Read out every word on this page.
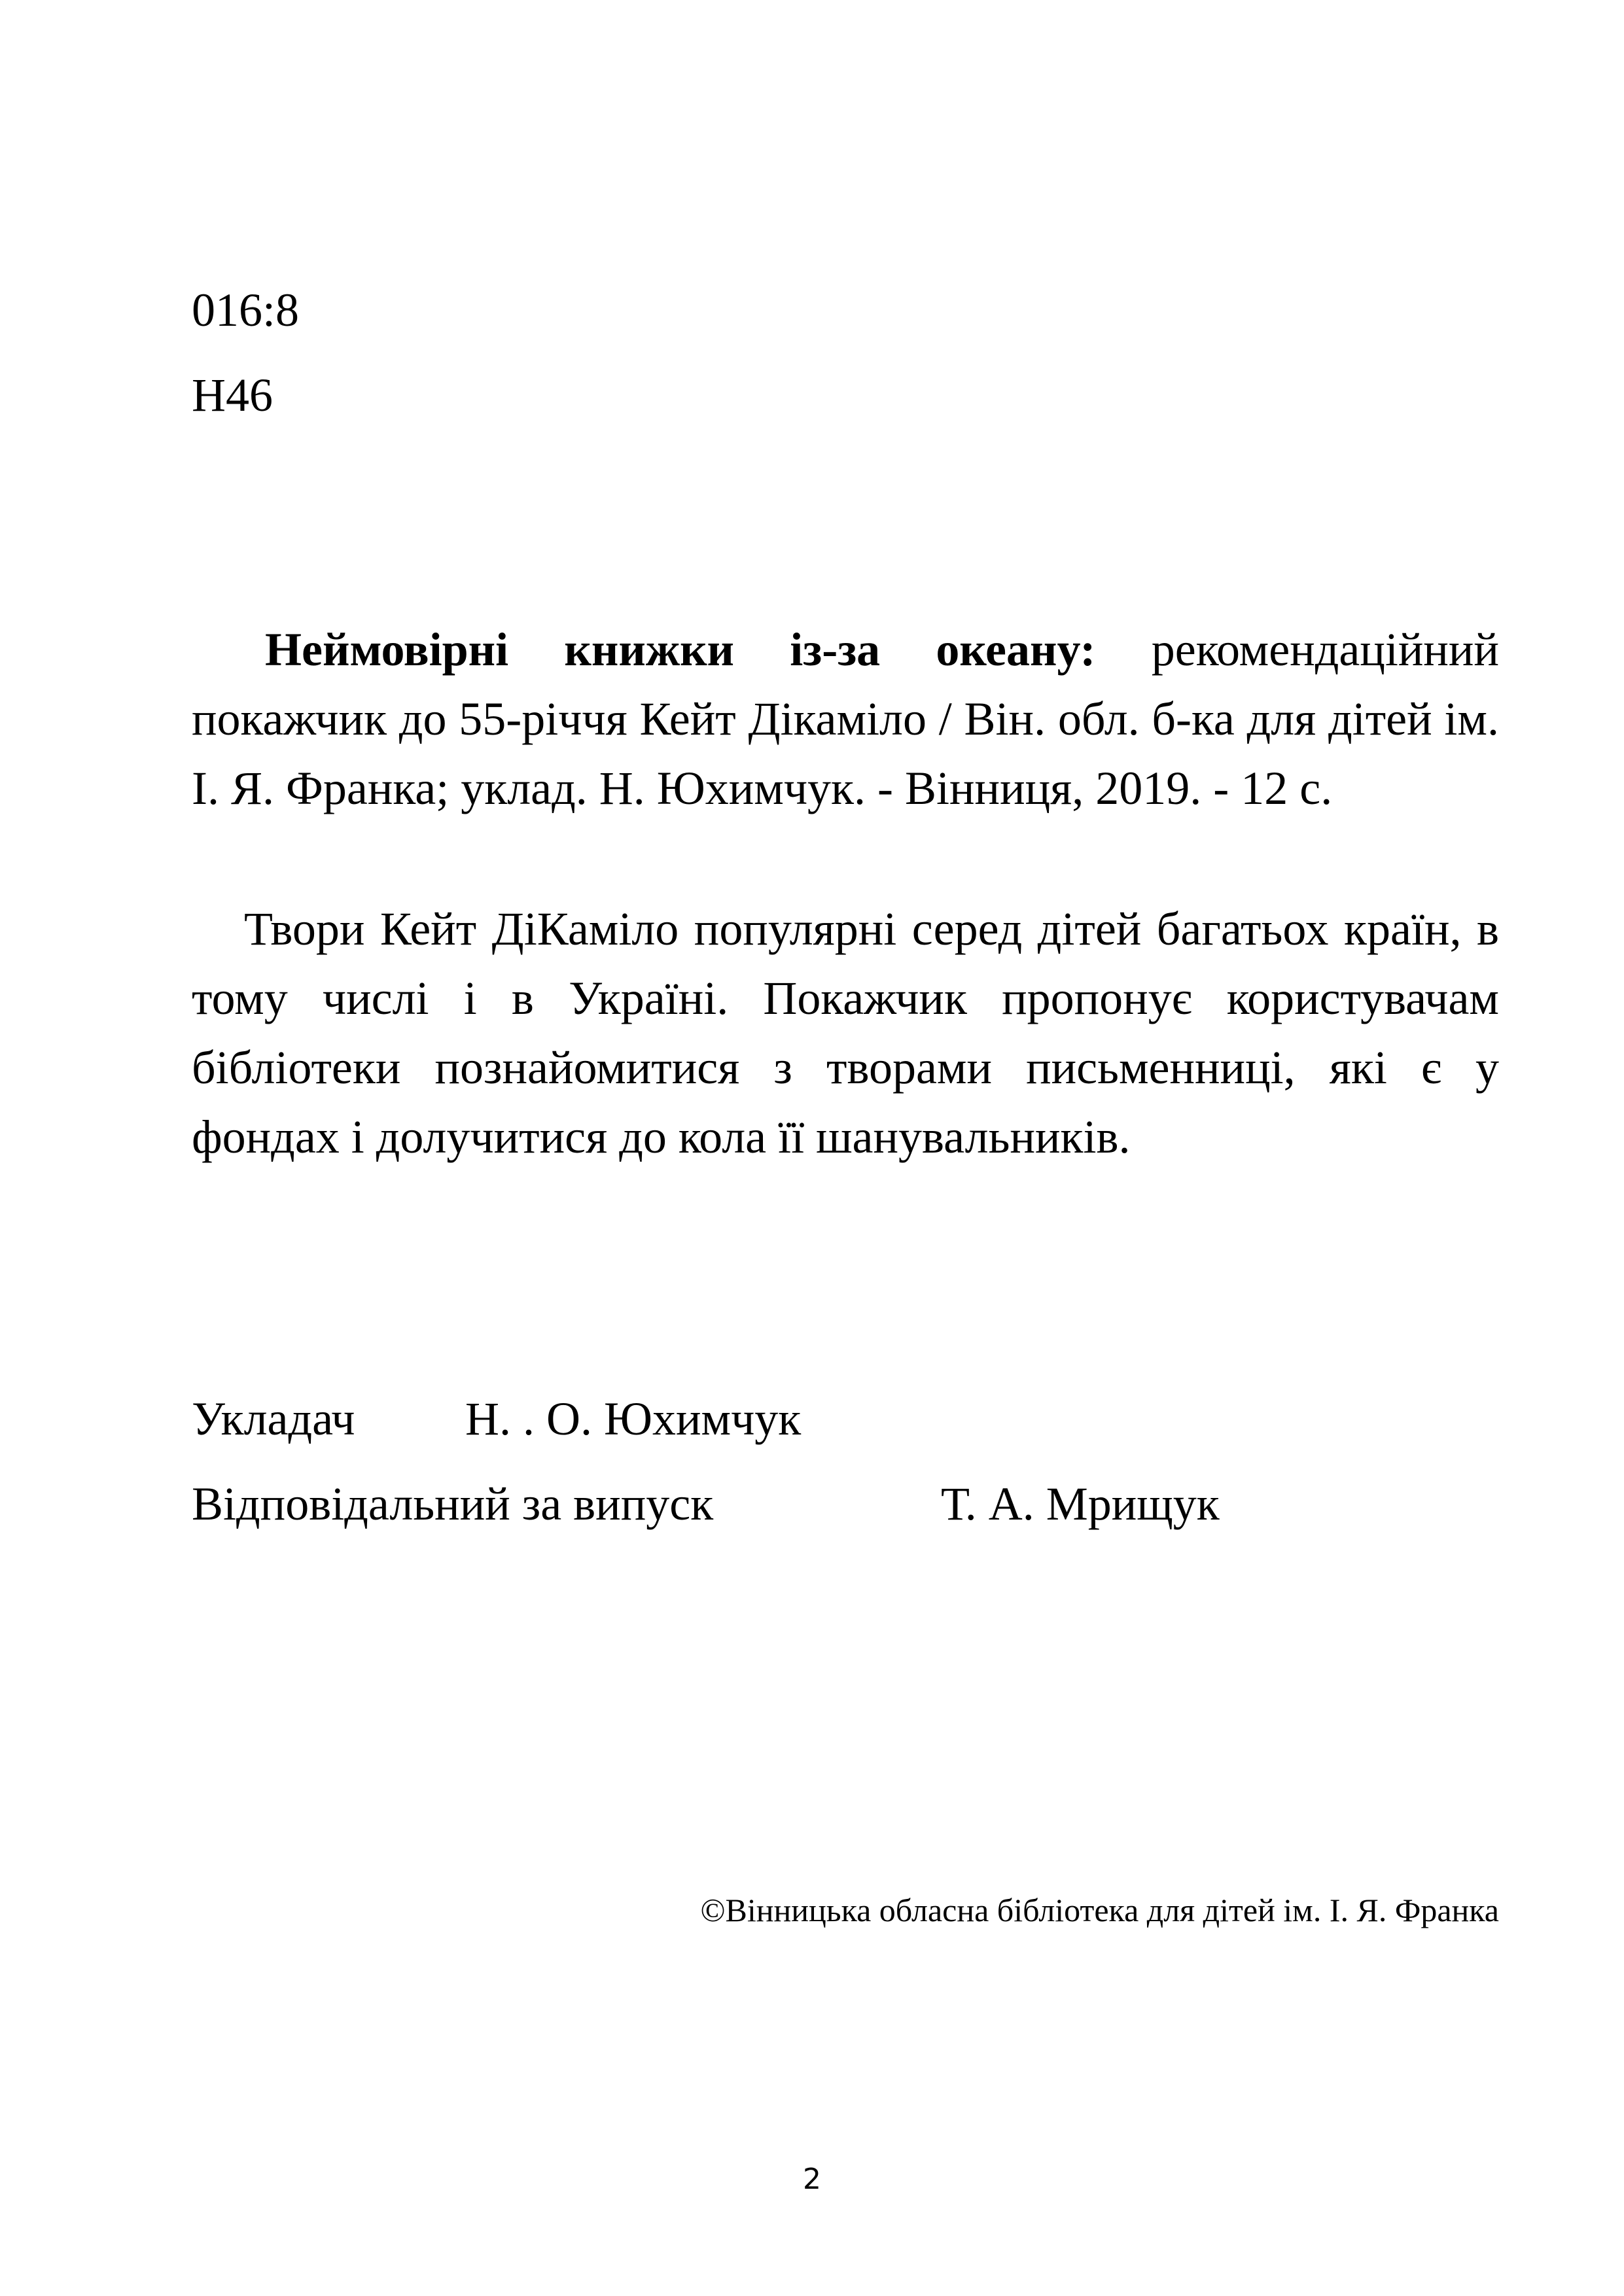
016:8

Н46

Неймовірні книжки із-за океану: рекомендаційний покажчик до 55-річчя Кейт Дікаміло / Він. обл. б-ка для дітей ім. І. Я. Франка; уклад. Н. Юхимчук. - Вінниця, 2019. - 12 с.

Твори Кейт ДіКаміло популярні серед дітей багатьох країн, в тому числі і в Україні. Покажчик пропонує користувачам бібліотеки познайомитися з творами письменниці, які є у фондах і долучитися до кола її шанувальників.

Укладач Н. . О. Юхимчук
Відповідальний за випуск	Т. А. Мрищук
©Вінницька обласна бібліотека для дітей ім. І. Я. Франка
2
